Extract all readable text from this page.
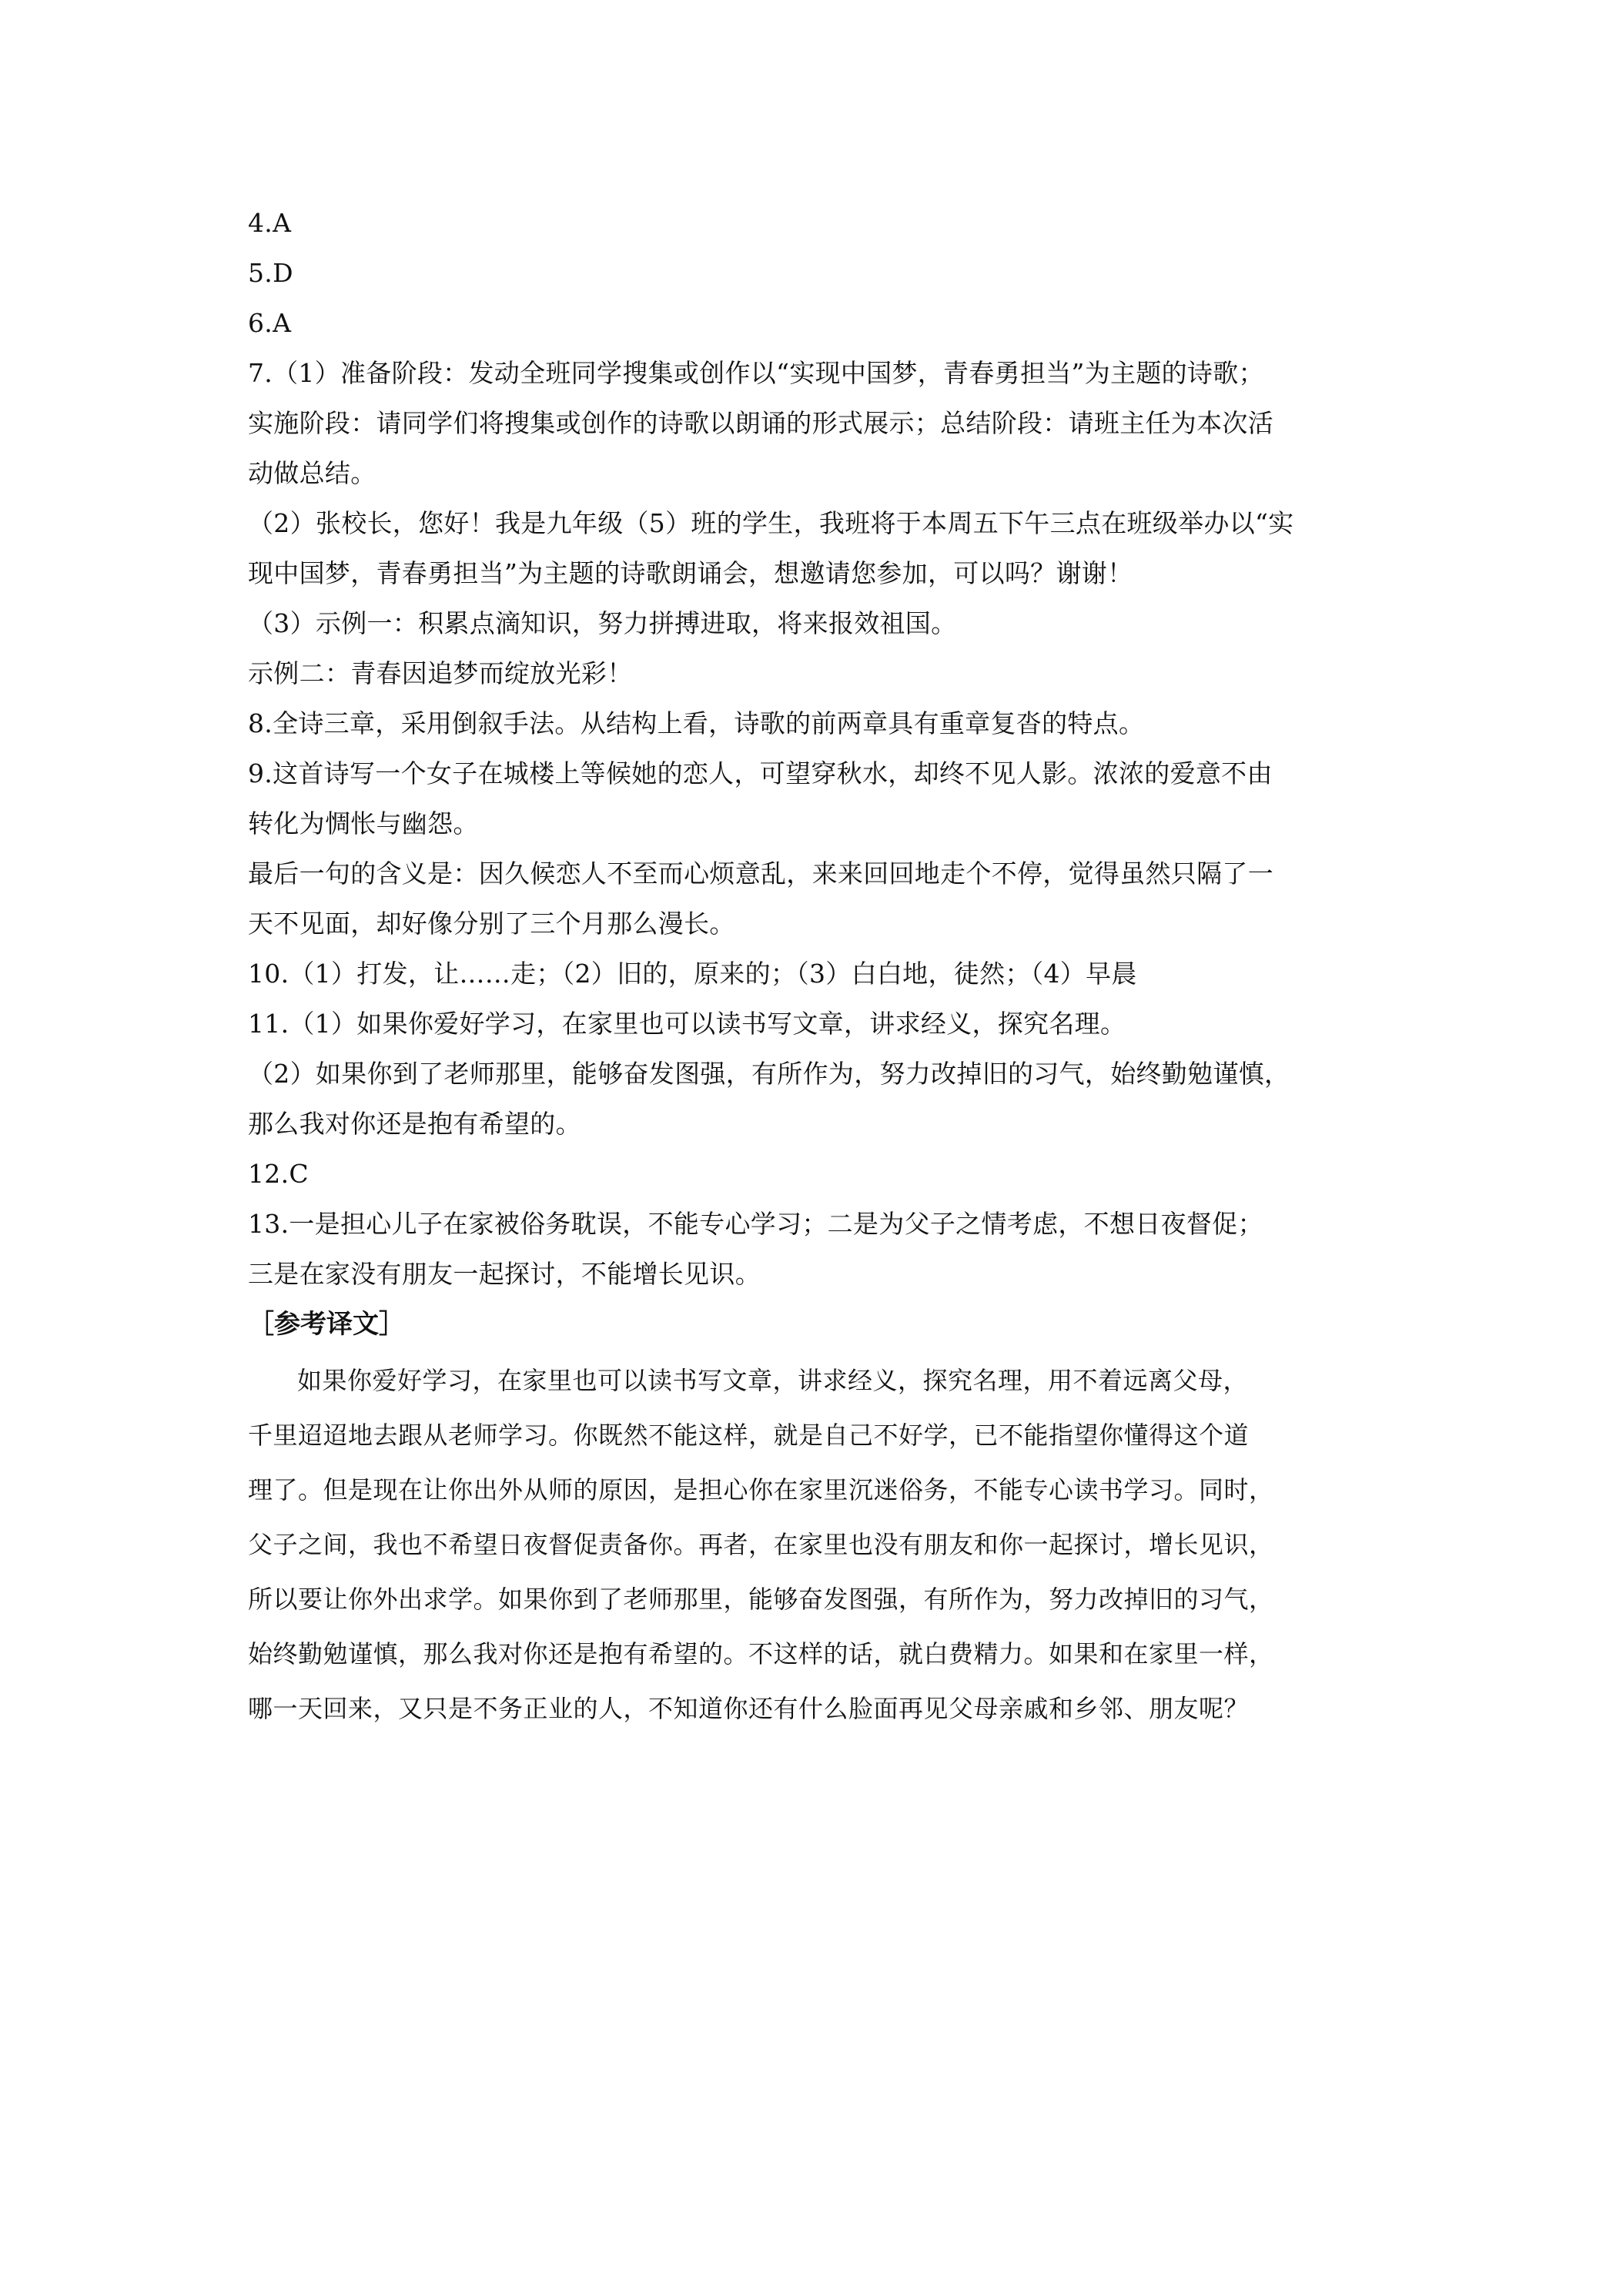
4.A
5.D
6.A
7.（1）准备阶段：发动全班同学搜集或创作以“实现中国梦，青春勇担当”为主题的诗歌；
实施阶段：请同学们将搜集或创作的诗歌以朗诵的形式展示；总结阶段：请班主任为本次活
动做总结。
（2）张校长，您好！我是九年级（5）班的学生，我班将于本周五下午三点在班级举办以“实
现中国梦，青春勇担当”为主题的诗歌朗诵会，想邀请您参加，可以吗？谢谢！
（3）示例一：积累点滴知识，努力拼搏进取，将来报效祖国。
示例二：青春因追梦而绽放光彩！
8.全诗三章，采用倒叙手法。从结构上看，诗歌的前两章具有重章复沓的特点。
9.这首诗写一个女子在城楼上等候她的恋人，可望穿秋水，却终不见人影。浓浓的爱意不由
转化为惆怅与幽怨。
最后一句的含义是：因久候恋人不至而心烦意乱，来来回回地走个不停，觉得虽然只隔了一
天不见面，却好像分别了三个月那么漫长。
10.（1）打发，让……走；（2）旧的，原来的；（3）白白地，徒然；（4）早晨
11.（1）如果你爱好学习，在家里也可以读书写文章，讲求经义，探究名理。
（2）如果你到了老师那里，能够奋发图强，有所作为，努力改掉旧的习气，始终勤勉谨慎，
那么我对你还是抱有希望的。
12.C
13.一是担心儿子在家被俗务耽误，不能专心学习；二是为父子之情考虑，不想日夜督促；
三是在家没有朋友一起探讨，不能增长见识。
［参考译文］
如果你爱好学习，在家里也可以读书写文章，讲求经义，探究名理，用不着远离父母，
千里迢迢地去跟从老师学习。你既然不能这样，就是自己不好学，已不能指望你懂得这个道
理了。但是现在让你出外从师的原因，是担心你在家里沉迷俗务，不能专心读书学习。同时，
父子之间，我也不希望日夜督促责备你。再者，在家里也没有朋友和你一起探讨，增长见识，
所以要让你外出求学。如果你到了老师那里，能够奋发图强，有所作为，努力改掉旧的习气，
始终勤勉谨慎，那么我对你还是抱有希望的。不这样的话，就白费精力。如果和在家里一样，
哪一天回来，又只是不务正业的人，不知道你还有什么脸面再见父母亲戚和乡邻、朋友呢？
